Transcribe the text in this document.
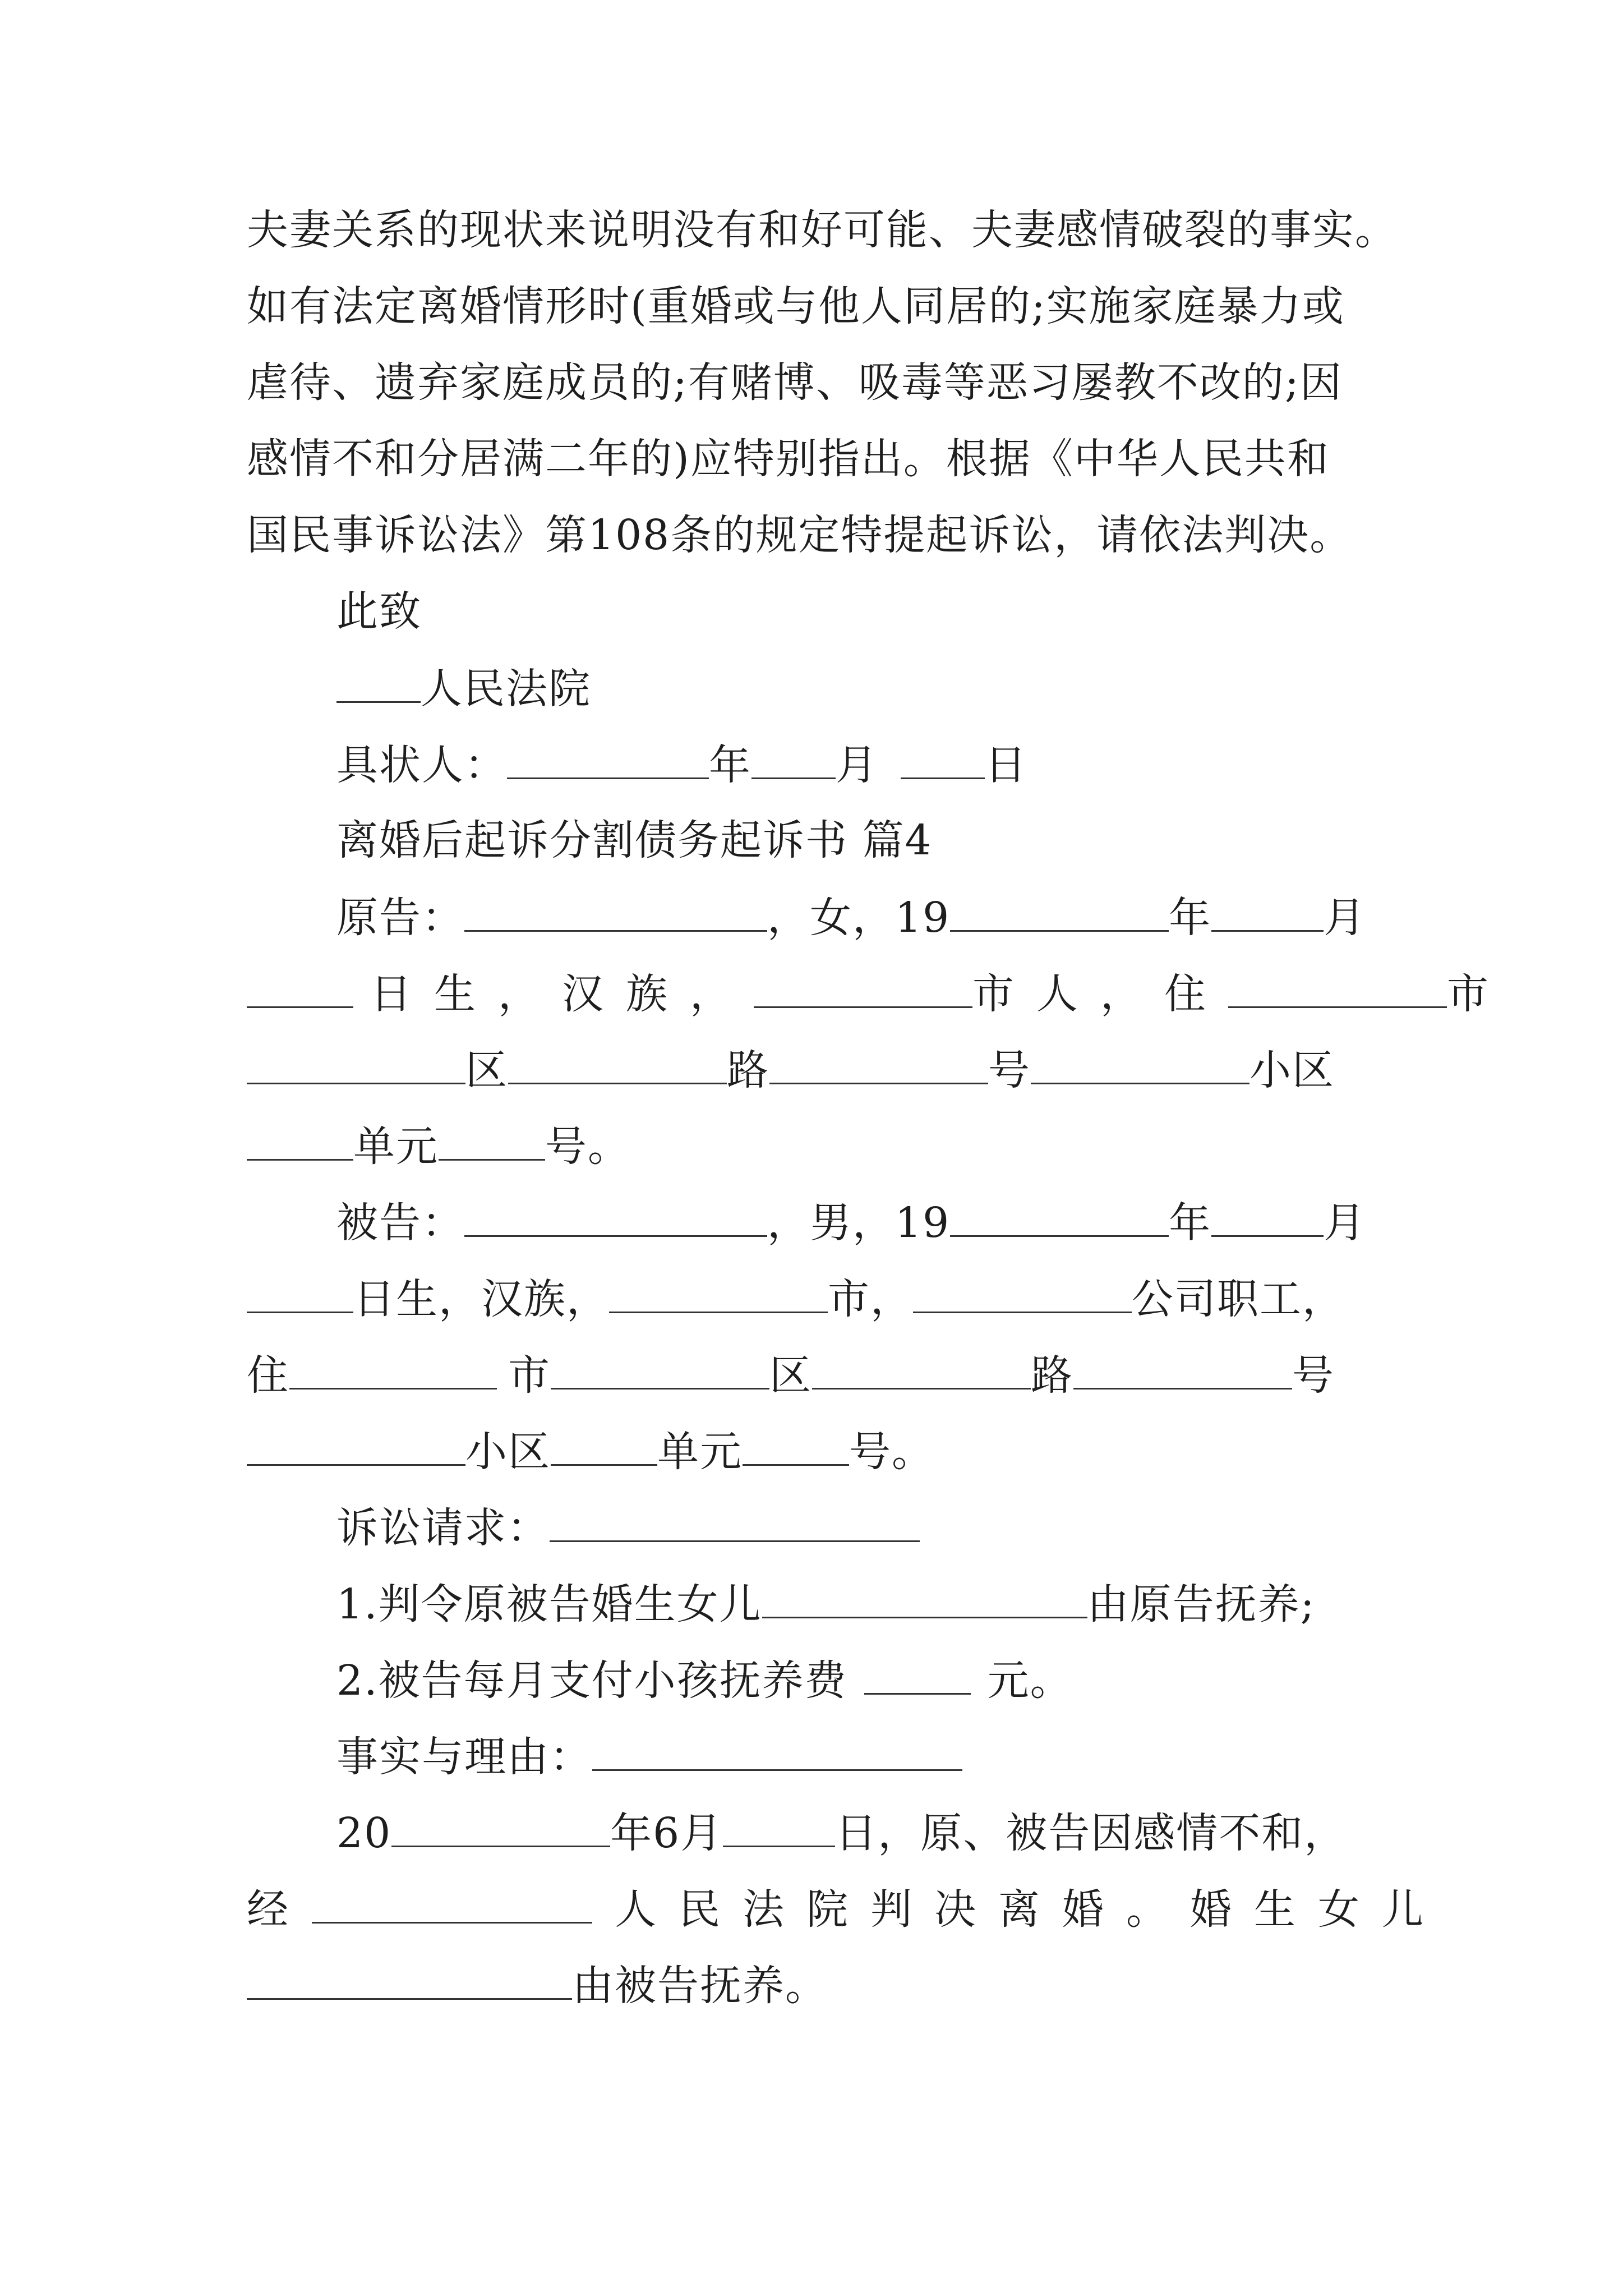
夫妻关系的现状来说明没有和好可能、夫妻感情破裂的事实。
如有法定离婚情形时(重婚或与他人同居的;实施家庭暴力或
虐待、遗弃家庭成员的;有赌博、吸毒等恶习屡教不改的;因
感情不和分居满二年的)应特别指出。根据《中华人民共和
国民事诉讼法》第108条的规定特提起诉讼，请依法判决。
此致
人民法院
具状人：	年 月	日
离婚后起诉分割债务起诉书 篇4
原告：	，女，19	年	月
日生，汉族，	市人，住	市
区	路	号	小区
单元	号。
被告：	，男，19	年	月
日生，汉族，	市，	公司职工，
住	市	区	路	号
小区	单元	号。
诉讼请求：
1.判令原被告婚生女儿	由原告抚养;
2.被告每月支付小孩抚养费	元。
事实与理由：
20	年6月	日，原、被告因感情不和，
经	人民法院判决离婚。婚生女儿
由被告抚养。
